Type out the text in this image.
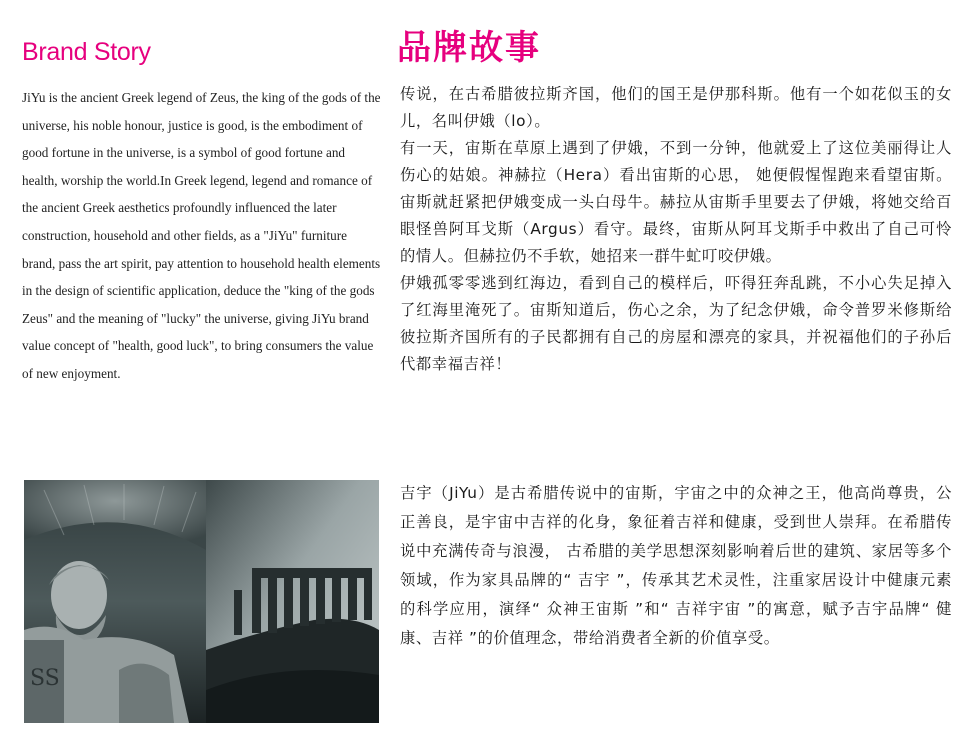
Brand Story	品牌故事

JiYu is the ancient Greek legend of Zeus, the king of the gods of the universe, his noble honour, justice is good, is the embodiment of good fortune in the universe, is a symbol of good fortune and health, worship the world.In Greek legend, legend and romance of the ancient Greek aesthetics profoundly influenced the later construction, household and other fields, as a "JiYu" furniture brand, pass the art spirit, pay attention to household health elements in the design of scientific application, deduce the "king of the gods Zeus" and the meaning of "lucky" the universe, giving JiYu brand value concept of "health, good luck", to bring consumers the value of new enjoyment.

传说，在古希腊彼拉斯齐国，他们的国王是伊那科斯。他有一个如花似玉的女儿，名叫伊娥（lo）。

有一天，宙斯在草原上遇到了伊娥，不到一分钟，他就爱上了这位美丽得让人伤心的姑娘。神赫拉（Hera）看出宙斯的心思， 她便假惺惺跑来看望宙斯。宙斯就赶紧把伊娥变成一头白母牛。赫拉从宙斯手里要去了伊娥，将她交给百眼怪兽阿耳戈斯（Argus）看守。最终，宙斯从阿耳戈斯手中救出了自己可怜的情人。但赫拉仍不手软，她招来一群牛虻叮咬伊娥。

伊娥孤零零逃到红海边，看到自己的模样后，吓得狂奔乱跳，不小心失足掉入了红海里淹死了。宙斯知道后，伤心之余，为了纪念伊娥，命令普罗米修斯给彼拉斯齐国所有的子民都拥有自己的房屋和漂亮的家具，并祝福他们的子孙后代都幸福吉祥！

SS

吉宇（JiYu）是古希腊传说中的宙斯，宇宙之中的众神之王，他高尚尊贵，公正善良，是宇宙中吉祥的化身，象征着吉祥和健康，受到世人崇拜。在希腊传说中充满传奇与浪漫， 古希腊的美学思想深刻影响着后世的建筑、家居等多个领域，作为家具品牌的“ 吉宇 ”，传承其艺术灵性，注重家居设计中健康元素的科学应用，演绎“ 众神王宙斯 ”和“ 吉祥宇宙 ”的寓意，赋予吉宇品牌“ 健康、吉祥 ”的价值理念，带给消费者全新的价值享受。
